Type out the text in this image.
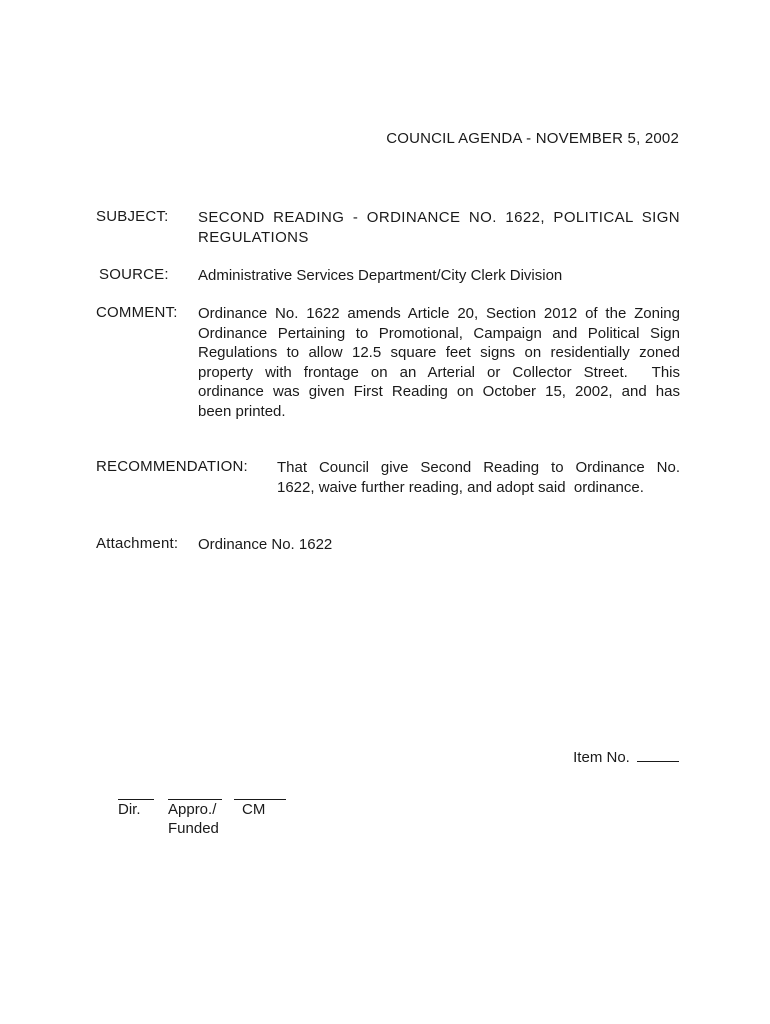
COUNCIL AGENDA - NOVEMBER 5, 2002
SUBJECT: SECOND READING - ORDINANCE NO. 1622, POLITICAL SIGN
REGULATIONS
SOURCE: Administrative Services Department/City Clerk Division
COMMENT: Ordinance No. 1622 amends Article 20, Section 2012 of the Zoning
Ordinance Pertaining to Promotional, Campaign and Political Sign
Regulations to allow 12.5 square feet signs on residentially zoned
property with frontage on an Arterial or Collector Street.  This
ordinance was given First Reading on October 15, 2002, and has
been printed.
RECOMMENDATION: That Council give Second Reading to Ordinance No.
1622, waive further reading, and adopt said  ordinance.
Attachment: Ordinance No. 1622
Item No.
Dir.	Appro./
Funded
CM
